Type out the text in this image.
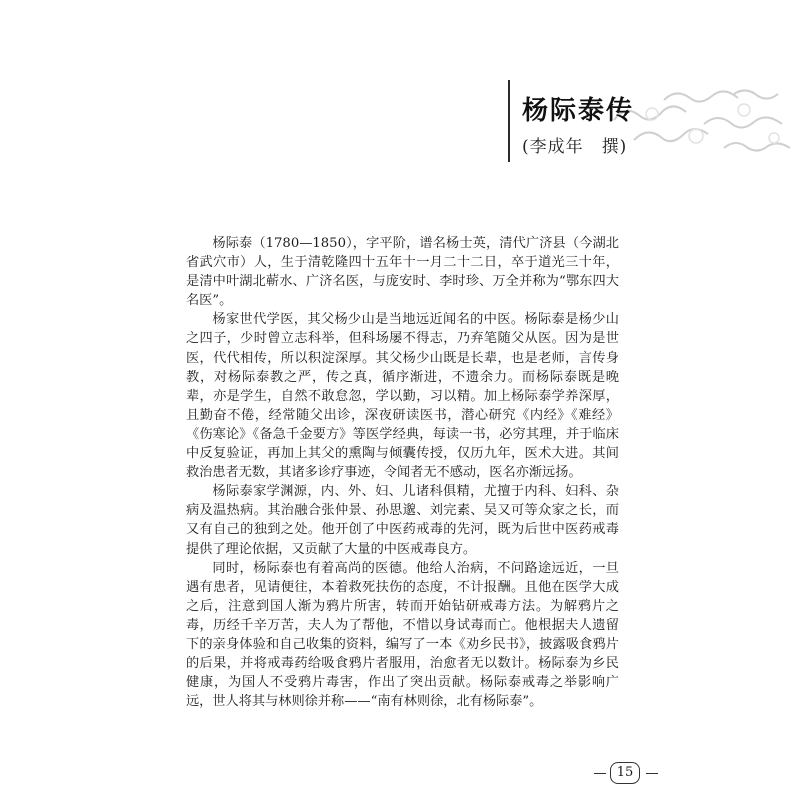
杨际泰传
(李成年　撰)

杨际泰（1780—1850），字平阶，谱名杨士英，清代广济县（今湖北省武穴市）人，生于清乾隆四十五年十一月二十二日，卒于道光三十年，是清中叶湖北蕲水、广济名医，与庞安时、李时珍、万全并称为“鄂东四大名医”。

杨家世代学医，其父杨少山是当地远近闻名的中医。杨际泰是杨少山之四子，少时曾立志科举，但科场屡不得志，乃弃笔随父从医。因为是世医，代代相传，所以积淀深厚。其父杨少山既是长辈，也是老师，言传身教，对杨际泰教之严，传之真，循序渐进，不遗余力。而杨际泰既是晚辈，亦是学生，自然不敢怠忽，学以勤，习以精。加上杨际泰学养深厚，且勤奋不倦，经常随父出诊，深夜研读医书，潜心研究《内经》《难经》《伤寒论》《备急千金要方》等医学经典，每读一书，必穷其理，并于临床中反复验证，再加上其父的熏陶与倾囊传授，仅历九年，医术大进。其间救治患者无数，其诸多诊疗事迹，令闻者无不感动，医名亦渐远扬。

杨际泰家学渊源，内、外、妇、儿诸科俱精，尤擅于内科、妇科、杂病及温热病。其治融合张仲景、孙思邈、刘完素、吴又可等众家之长，而又有自己的独到之处。他开创了中医药戒毒的先河，既为后世中医药戒毒提供了理论依据，又贡献了大量的中医戒毒良方。

同时，杨际泰也有着高尚的医德。他给人治病，不问路途远近，一旦遇有患者，见请便往，本着救死扶伤的态度，不计报酬。且他在医学大成之后，注意到国人渐为鸦片所害，转而开始钻研戒毒方法。为解鸦片之毒，历经千辛万苦，夫人为了帮他，不惜以身试毒而亡。他根据夫人遗留下的亲身体验和自己收集的资料，编写了一本《劝乡民书》，披露吸食鸦片的后果，并将戒毒药给吸食鸦片者服用，治愈者无以数计。杨际泰为乡民健康，为国人不受鸦片毒害，作出了突出贡献。杨际泰戒毒之举影响广远，世人将其与林则徐并称——“南有林则徐，北有杨际泰”。

15
